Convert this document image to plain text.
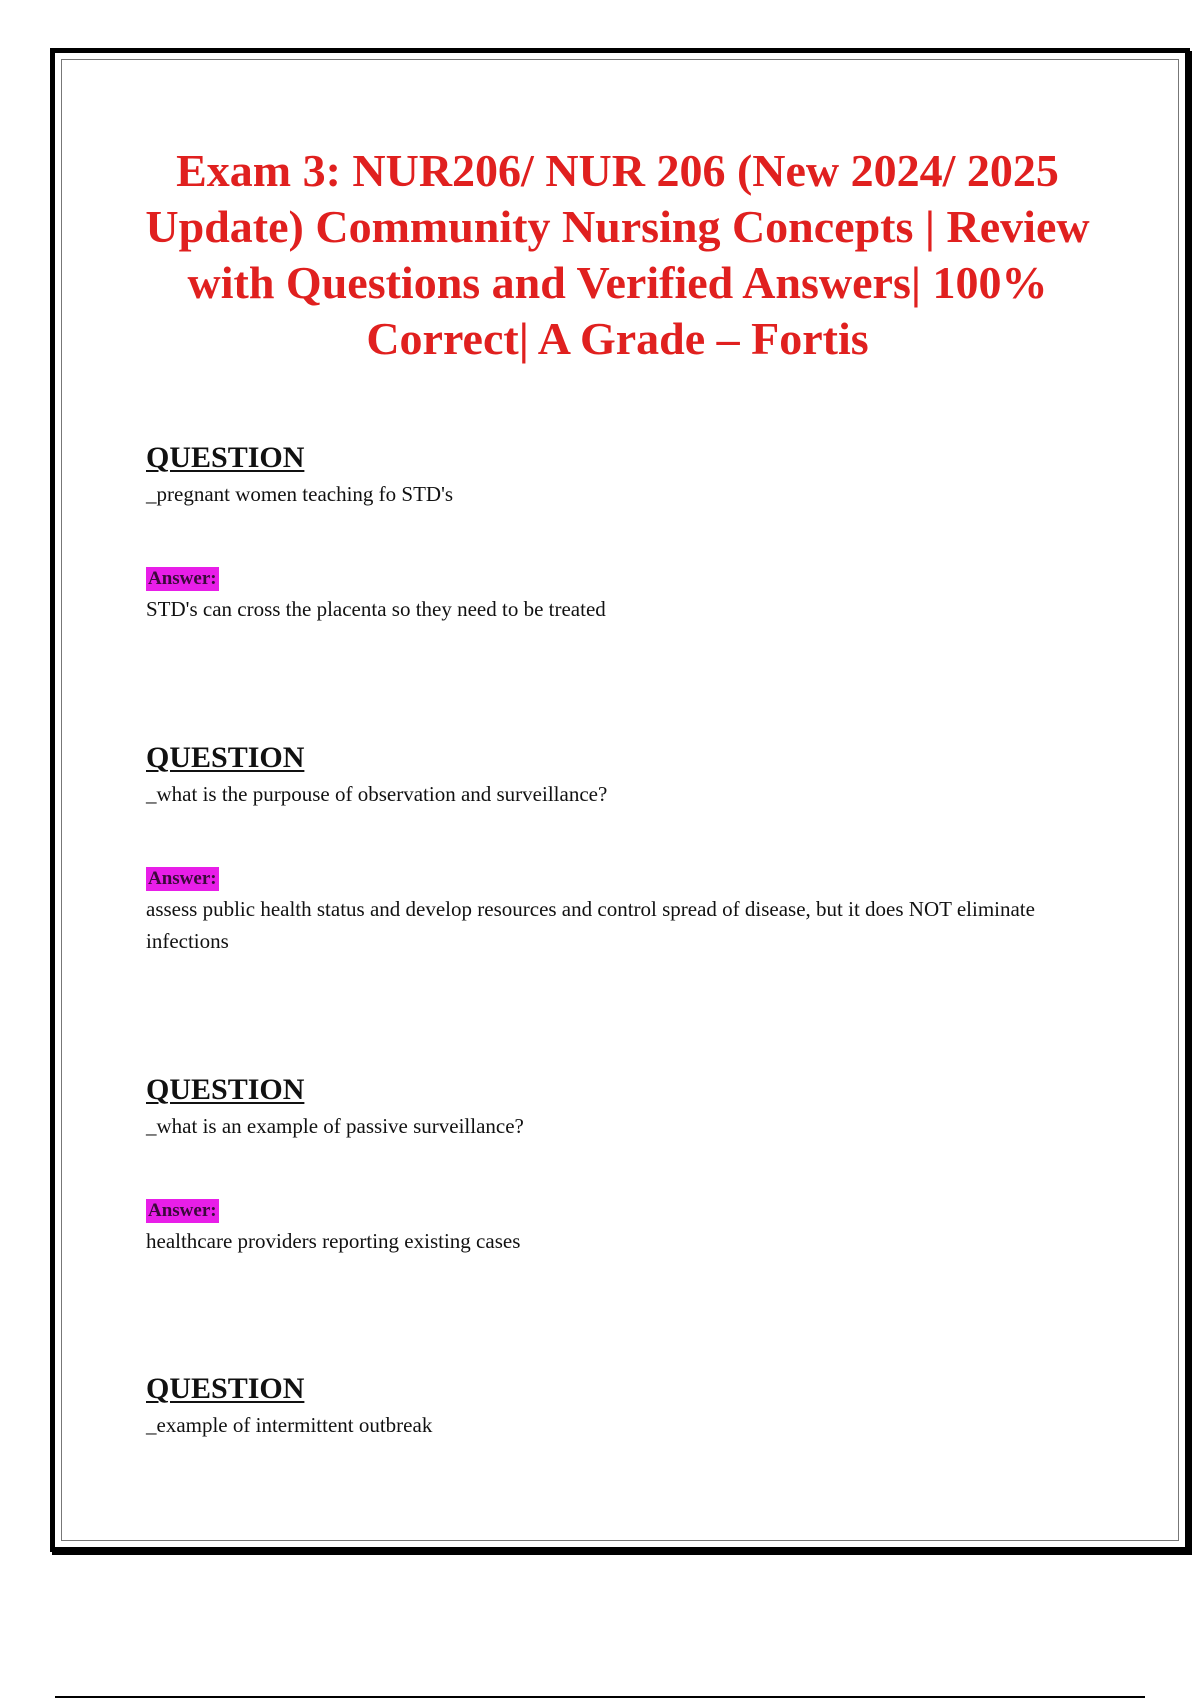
Exam 3: NUR206/ NUR 206 (New 2024/ 2025 Update) Community Nursing Concepts | Review with Questions and Verified Answers| 100% Correct| A Grade – Fortis
QUESTION
_pregnant women teaching fo STD's
Answer:
STD's can cross the placenta so they need to be treated
QUESTION
_what is the purpouse of observation and surveillance?
Answer:
assess public health status and develop resources and control spread of disease, but it does NOT eliminate infections
QUESTION
_what is an example of passive surveillance?
Answer:
healthcare providers reporting existing cases
QUESTION
_example of intermittent outbreak
